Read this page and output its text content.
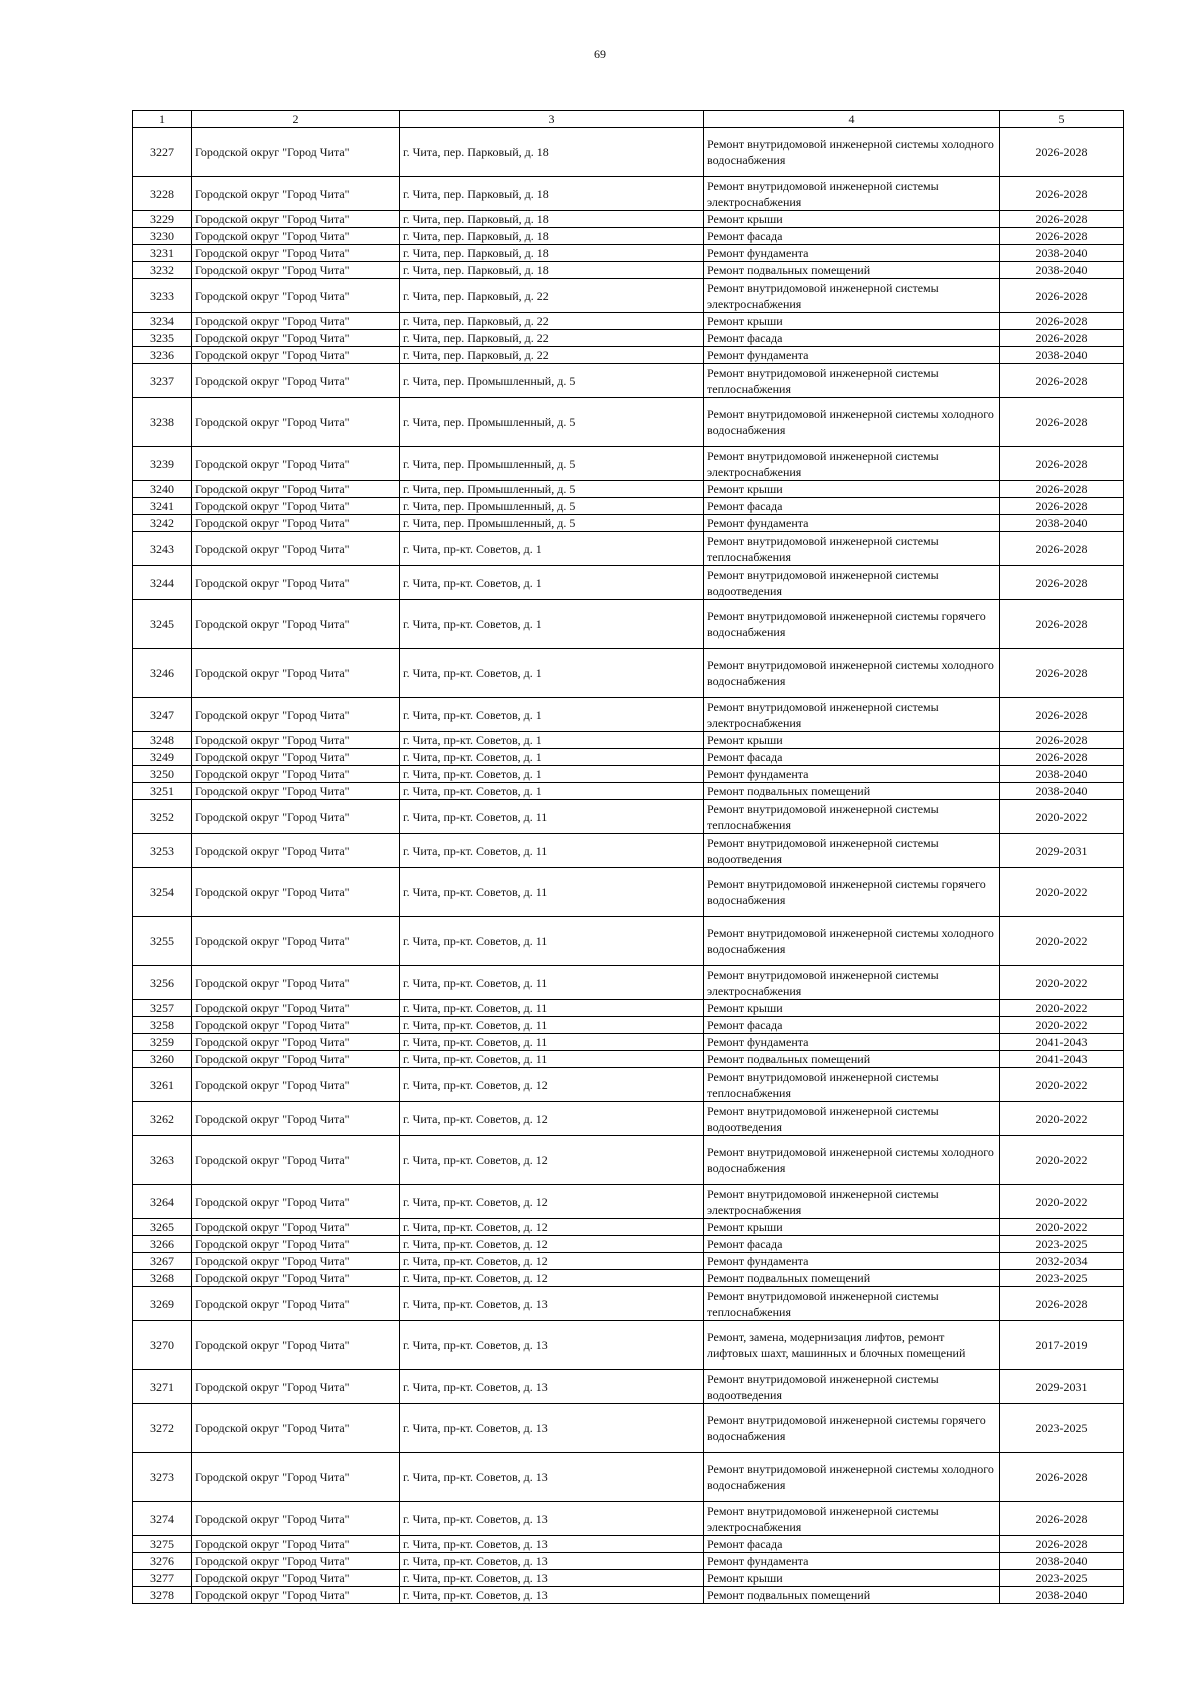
69
1	2	3	4	5
3227	Городской округ "Город Чита"	г. Чита, пер. Парковый, д. 18	Ремонт внутридомовой инженерной системы холодного водоснабжения	2026-2028
3228	Городской округ "Город Чита"	г. Чита, пер. Парковый, д. 18	Ремонт внутридомовой инженерной системы электроснабжения	2026-2028
3229	Городской округ "Город Чита"	г. Чита, пер. Парковый, д. 18	Ремонт крыши	2026-2028
3230	Городской округ "Город Чита"	г. Чита, пер. Парковый, д. 18	Ремонт фасада	2026-2028
3231	Городской округ "Город Чита"	г. Чита, пер. Парковый, д. 18	Ремонт фундамента	2038-2040
3232	Городской округ "Город Чита"	г. Чита, пер. Парковый, д. 18	Ремонт подвальных помещений	2038-2040
3233	Городской округ "Город Чита"	г. Чита, пер. Парковый, д. 22	Ремонт внутридомовой инженерной системы электроснабжения	2026-2028
3234	Городской округ "Город Чита"	г. Чита, пер. Парковый, д. 22	Ремонт крыши	2026-2028
3235	Городской округ "Город Чита"	г. Чита, пер. Парковый, д. 22	Ремонт фасада	2026-2028
3236	Городской округ "Город Чита"	г. Чита, пер. Парковый, д. 22	Ремонт фундамента	2038-2040
3237	Городской округ "Город Чита"	г. Чита, пер. Промышленный, д. 5	Ремонт внутридомовой инженерной системы теплоснабжения	2026-2028
3238	Городской округ "Город Чита"	г. Чита, пер. Промышленный, д. 5	Ремонт внутридомовой инженерной системы холодного водоснабжения	2026-2028
3239	Городской округ "Город Чита"	г. Чита, пер. Промышленный, д. 5	Ремонт внутридомовой инженерной системы электроснабжения	2026-2028
3240	Городской округ "Город Чита"	г. Чита, пер. Промышленный, д. 5	Ремонт крыши	2026-2028
3241	Городской округ "Город Чита"	г. Чита, пер. Промышленный, д. 5	Ремонт фасада	2026-2028
3242	Городской округ "Город Чита"	г. Чита, пер. Промышленный, д. 5	Ремонт фундамента	2038-2040
3243	Городской округ "Город Чита"	г. Чита, пр-кт. Советов, д. 1	Ремонт внутридомовой инженерной системы теплоснабжения	2026-2028
3244	Городской округ "Город Чита"	г. Чита, пр-кт. Советов, д. 1	Ремонт внутридомовой инженерной системы водоотведения	2026-2028
3245	Городской округ "Город Чита"	г. Чита, пр-кт. Советов, д. 1	Ремонт внутридомовой инженерной системы горячего водоснабжения	2026-2028
3246	Городской округ "Город Чита"	г. Чита, пр-кт. Советов, д. 1	Ремонт внутридомовой инженерной системы холодного водоснабжения	2026-2028
3247	Городской округ "Город Чита"	г. Чита, пр-кт. Советов, д. 1	Ремонт внутридомовой инженерной системы электроснабжения	2026-2028
3248	Городской округ "Город Чита"	г. Чита, пр-кт. Советов, д. 1	Ремонт крыши	2026-2028
3249	Городской округ "Город Чита"	г. Чита, пр-кт. Советов, д. 1	Ремонт фасада	2026-2028
3250	Городской округ "Город Чита"	г. Чита, пр-кт. Советов, д. 1	Ремонт фундамента	2038-2040
3251	Городской округ "Город Чита"	г. Чита, пр-кт. Советов, д. 1	Ремонт подвальных помещений	2038-2040
3252	Городской округ "Город Чита"	г. Чита, пр-кт. Советов, д. 11	Ремонт внутридомовой инженерной системы теплоснабжения	2020-2022
3253	Городской округ "Город Чита"	г. Чита, пр-кт. Советов, д. 11	Ремонт внутридомовой инженерной системы водоотведения	2029-2031
3254	Городской округ "Город Чита"	г. Чита, пр-кт. Советов, д. 11	Ремонт внутридомовой инженерной системы горячего водоснабжения	2020-2022
3255	Городской округ "Город Чита"	г. Чита, пр-кт. Советов, д. 11	Ремонт внутридомовой инженерной системы холодного водоснабжения	2020-2022
3256	Городской округ "Город Чита"	г. Чита, пр-кт. Советов, д. 11	Ремонт внутридомовой инженерной системы электроснабжения	2020-2022
3257	Городской округ "Город Чита"	г. Чита, пр-кт. Советов, д. 11	Ремонт крыши	2020-2022
3258	Городской округ "Город Чита"	г. Чита, пр-кт. Советов, д. 11	Ремонт фасада	2020-2022
3259	Городской округ "Город Чита"	г. Чита, пр-кт. Советов, д. 11	Ремонт фундамента	2041-2043
3260	Городской округ "Город Чита"	г. Чита, пр-кт. Советов, д. 11	Ремонт подвальных помещений	2041-2043
3261	Городской округ "Город Чита"	г. Чита, пр-кт. Советов, д. 12	Ремонт внутридомовой инженерной системы теплоснабжения	2020-2022
3262	Городской округ "Город Чита"	г. Чита, пр-кт. Советов, д. 12	Ремонт внутридомовой инженерной системы водоотведения	2020-2022
3263	Городской округ "Город Чита"	г. Чита, пр-кт. Советов, д. 12	Ремонт внутридомовой инженерной системы холодного водоснабжения	2020-2022
3264	Городской округ "Город Чита"	г. Чита, пр-кт. Советов, д. 12	Ремонт внутридомовой инженерной системы электроснабжения	2020-2022
3265	Городской округ "Город Чита"	г. Чита, пр-кт. Советов, д. 12	Ремонт крыши	2020-2022
3266	Городской округ "Город Чита"	г. Чита, пр-кт. Советов, д. 12	Ремонт фасада	2023-2025
3267	Городской округ "Город Чита"	г. Чита, пр-кт. Советов, д. 12	Ремонт фундамента	2032-2034
3268	Городской округ "Город Чита"	г. Чита, пр-кт. Советов, д. 12	Ремонт подвальных помещений	2023-2025
3269	Городской округ "Город Чита"	г. Чита, пр-кт. Советов, д. 13	Ремонт внутридомовой инженерной системы теплоснабжения	2026-2028
3270	Городской округ "Город Чита"	г. Чита, пр-кт. Советов, д. 13	Ремонт, замена, модернизация лифтов, ремонт лифтовых шахт, машинных и блочных помещений	2017-2019
3271	Городской округ "Город Чита"	г. Чита, пр-кт. Советов, д. 13	Ремонт внутридомовой инженерной системы водоотведения	2029-2031
3272	Городской округ "Город Чита"	г. Чита, пр-кт. Советов, д. 13	Ремонт внутридомовой инженерной системы горячего водоснабжения	2023-2025
3273	Городской округ "Город Чита"	г. Чита, пр-кт. Советов, д. 13	Ремонт внутридомовой инженерной системы холодного водоснабжения	2026-2028
3274	Городской округ "Город Чита"	г. Чита, пр-кт. Советов, д. 13	Ремонт внутридомовой инженерной системы электроснабжения	2026-2028
3275	Городской округ "Город Чита"	г. Чита, пр-кт. Советов, д. 13	Ремонт фасада	2026-2028
3276	Городской округ "Город Чита"	г. Чита, пр-кт. Советов, д. 13	Ремонт фундамента	2038-2040
3277	Городской округ "Город Чита"	г. Чита, пр-кт. Советов, д. 13	Ремонт крыши	2023-2025
3278	Городской округ "Город Чита"	г. Чита, пр-кт. Советов, д. 13	Ремонт подвальных помещений	2038-2040
